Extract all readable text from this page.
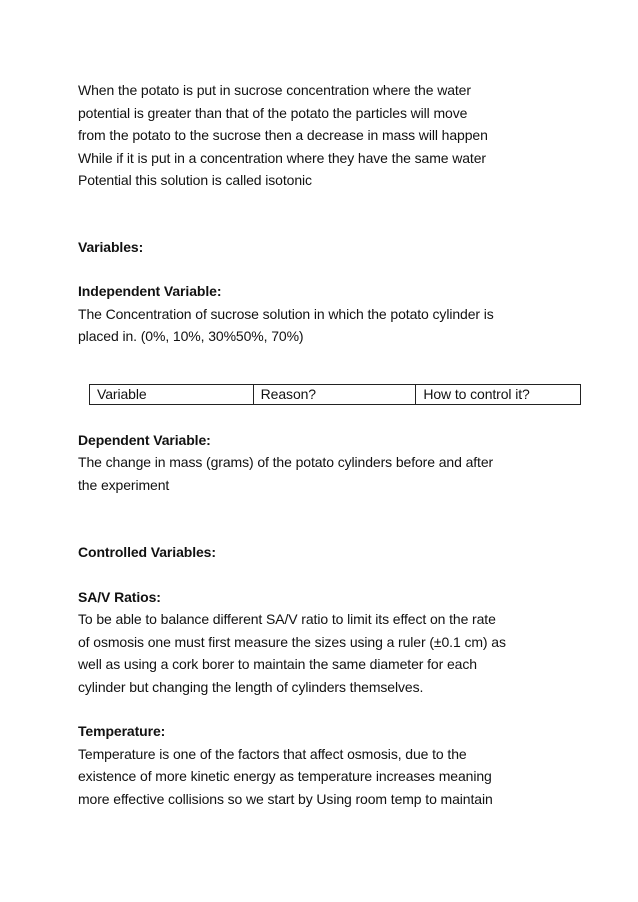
When the potato is put in sucrose concentration where the water
potential is greater than that of the potato the particles will move
from the potato to the sucrose then a decrease in mass will happen
While if it is put in a concentration where they have the same water
Potential this solution is called isotonic

Variables:

Independent Variable:

The Concentration of sucrose solution in which the potato cylinder is
placed in. (0%, 10%, 30%50%, 70%)

Variable	Reason?	How to control it?

Dependent Variable:

The change in mass (grams) of the potato cylinders before and after
the experiment

Controlled Variables:

SA/V Ratios:

To be able to balance different SA/V ratio to limit its effect on the rate
of osmosis one must first measure the sizes using a ruler (±0.1 cm) as
well as using a cork borer to maintain the same diameter for each
cylinder but changing the length of cylinders themselves.

Temperature:

Temperature is one of the factors that affect osmosis, due to the
existence of more kinetic energy as temperature increases meaning
more effective collisions so we start by Using room temp to maintain
